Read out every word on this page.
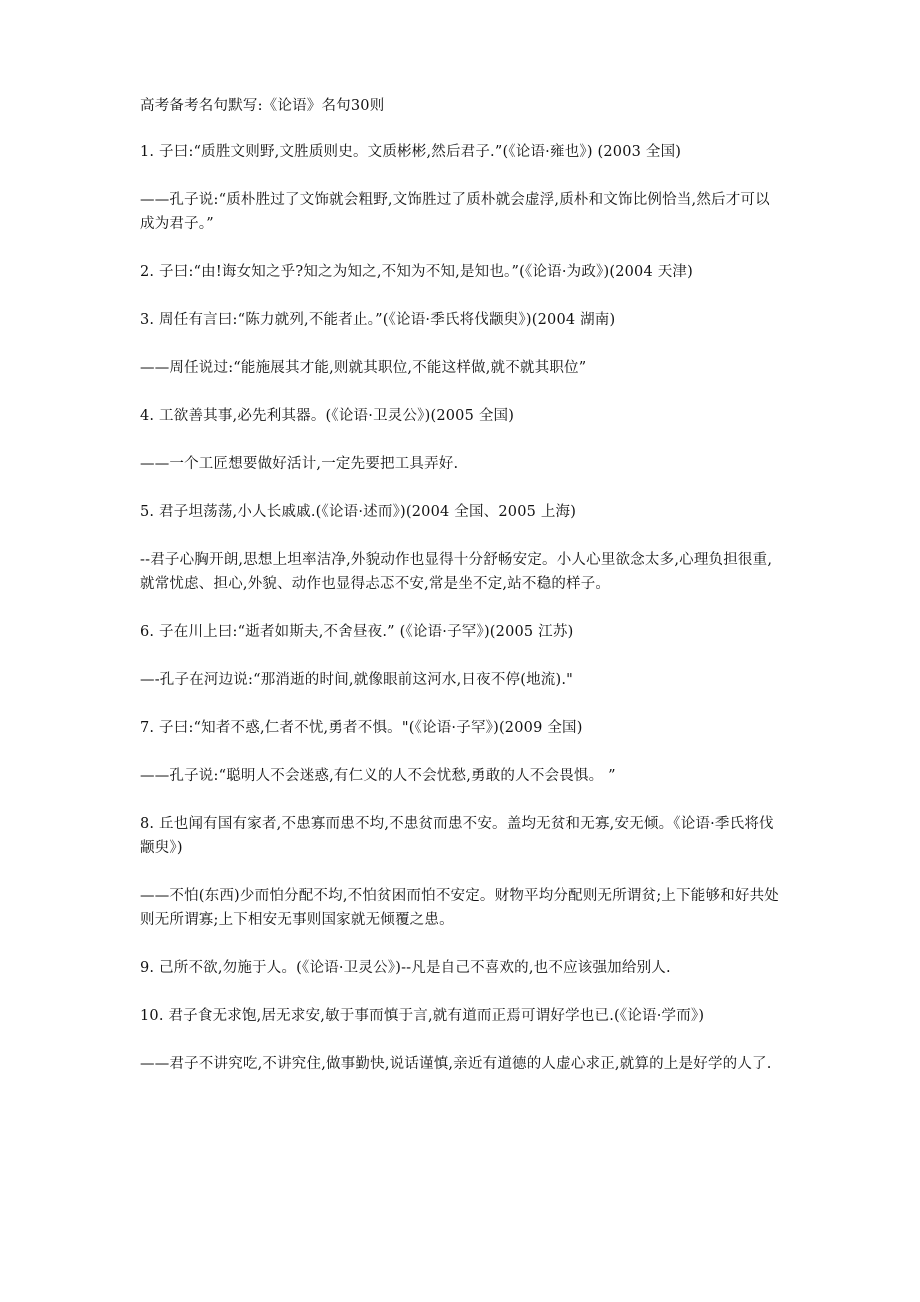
高考备考名句默写:《论语》名句30则

1. 子曰:“质胜文则野,文胜质则史。文质彬彬,然后君子.”(《论语·雍也》) (2003 全国)

——孔子说:“质朴胜过了文饰就会粗野,文饰胜过了质朴就会虚浮,质朴和文饰比例恰当,然后才可以成为君子。”

2. 子曰:“由!诲女知之乎?知之为知之,不知为不知,是知也。”(《论语·为政》)(2004 天津)

3. 周任有言曰:“陈力就列,不能者止。”(《论语·季氏将伐颛臾》)(2004 湖南)

——周任说过:“能施展其才能,则就其职位,不能这样做,就不就其职位”

4. 工欲善其事,必先利其器。(《论语·卫灵公》)(2005 全国)

——一个工匠想要做好活计,一定先要把工具弄好.

5. 君子坦荡荡,小人长戚戚.(《论语·述而》)(2004 全国、2005 上海)

--君子心胸开朗,思想上坦率洁净,外貌动作也显得十分舒畅安定。小人心里欲念太多,心理负担很重,就常忧虑、担心,外貌、动作也显得忐忑不安,常是坐不定,站不稳的样子。

6. 子在川上曰:“逝者如斯夫,不舍昼夜.” (《论语·子罕》)(2005 江苏)

—-孔子在河边说:“那消逝的时间,就像眼前这河水,日夜不停(地流)."

7. 子曰:“知者不惑,仁者不忧,勇者不惧。"(《论语·子罕》)(2009 全国)

——孔子说:“聪明人不会迷惑,有仁义的人不会忧愁,勇敢的人不会畏惧。 ”

8. 丘也闻有国有家者,不患寡而患不均,不患贫而患不安。盖均无贫和无寡,安无倾。《论语·季氏将伐颛臾》)

——不怕(东西)少而怕分配不均,不怕贫困而怕不安定。财物平均分配则无所谓贫;上下能够和好共处则无所谓寡;上下相安无事则国家就无倾覆之患。

9. 己所不欲,勿施于人。(《论语·卫灵公》)--凡是自己不喜欢的,也不应该强加给别人.

10. 君子食无求饱,居无求安,敏于事而慎于言,就有道而正焉可谓好学也已.(《论语·学而》)

——君子不讲究吃,不讲究住,做事勤快,说话谨慎,亲近有道德的人虚心求正,就算的上是好学的人了.
